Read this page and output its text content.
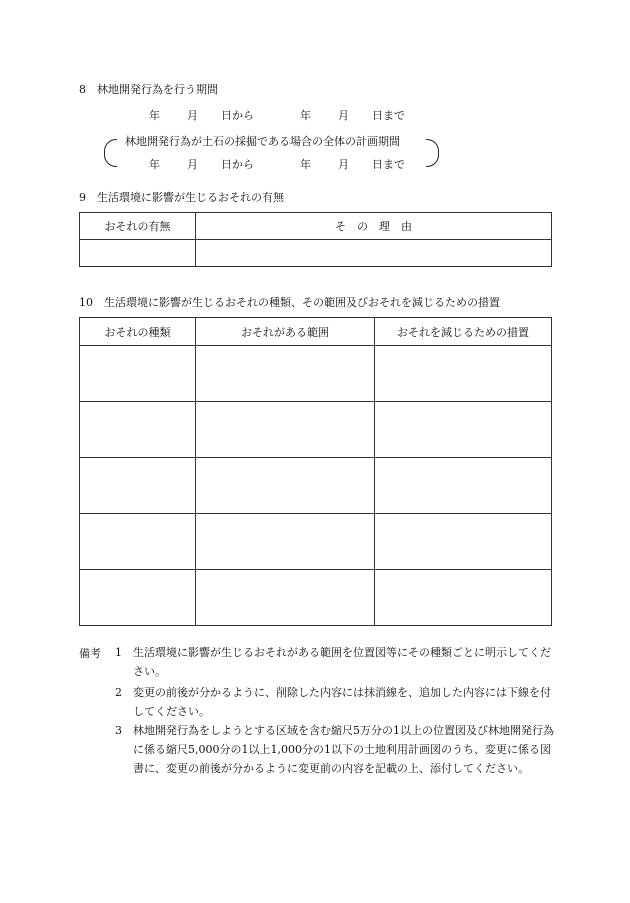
8　林地開発行為を行う期間
年 月 日から	年 月 日まで
林地開発行為が土石の採掘である場合の全体の計画期間
年 月 日から	年 月 日まで
9　生活環境に影響が生じるおそれの有無
おそれの有無	そ　の　理　由

10　生活環境に影響が生じるおそれの種類、その範囲及びおそれを減じるための措置
おそれの種類	おそれがある範囲	おそれを減じるための措置

備考 1 生活環境に影響が生じるおそれがある範囲を位置図等にその種類ごとに明示してください。
2 変更の前後が分かるように、削除した内容には抹消線を、追加した内容には下線を付してください。
3 林地開発行為をしようとする区域を含む縮尺5万分の1以上の位置図及び林地開発行為に係る縮尺5,000分の1以上1,000分の1以下の土地利用計画図のうち、変更に係る図書に、変更の前後が分かるように変更前の内容を記載の上、添付してください。
